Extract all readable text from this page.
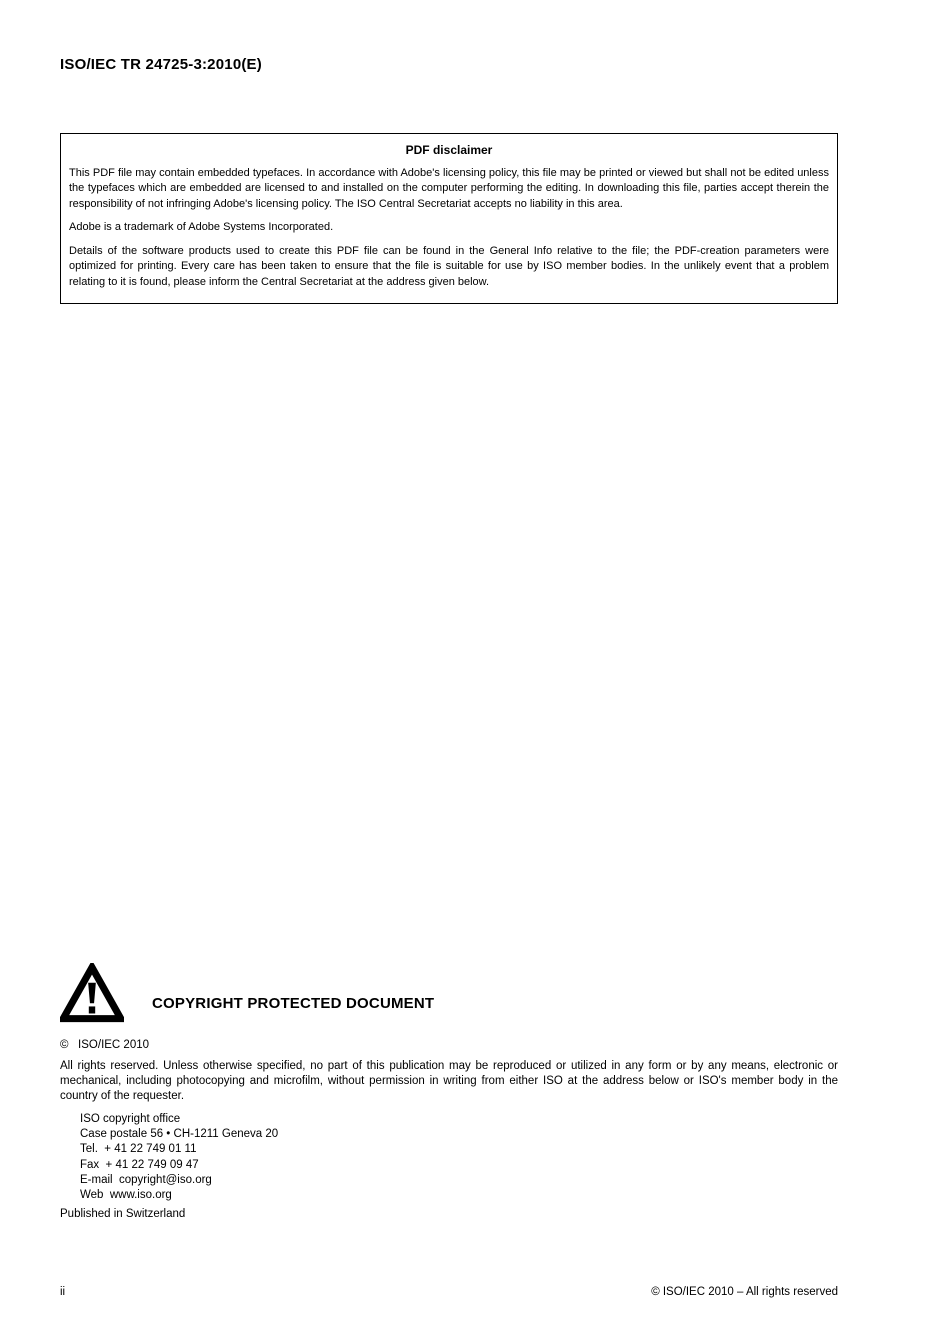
ISO/IEC TR 24725-3:2010(E)
PDF disclaimer

This PDF file may contain embedded typefaces. In accordance with Adobe's licensing policy, this file may be printed or viewed but shall not be edited unless the typefaces which are embedded are licensed to and installed on the computer performing the editing. In downloading this file, parties accept therein the responsibility of not infringing Adobe's licensing policy. The ISO Central Secretariat accepts no liability in this area.

Adobe is a trademark of Adobe Systems Incorporated.

Details of the software products used to create this PDF file can be found in the General Info relative to the file; the PDF-creation parameters were optimized for printing. Every care has been taken to ensure that the file is suitable for use by ISO member bodies. In the unlikely event that a problem relating to it is found, please inform the Central Secretariat at the address given below.

COPYRIGHT PROTECTED DOCUMENT
©   ISO/IEC 2010

All rights reserved. Unless otherwise specified, no part of this publication may be reproduced or utilized in any form or by any means, electronic or mechanical, including photocopying and microfilm, without permission in writing from either ISO at the address below or ISO's member body in the country of the requester.

ISO copyright office
Case postale 56 • CH-1211 Geneva 20
Tel.  + 41 22 749 01 11
Fax  + 41 22 749 09 47
E-mail  copyright@iso.org
Web  www.iso.org
Published in Switzerland
ii	© ISO/IEC 2010 – All rights reserved
